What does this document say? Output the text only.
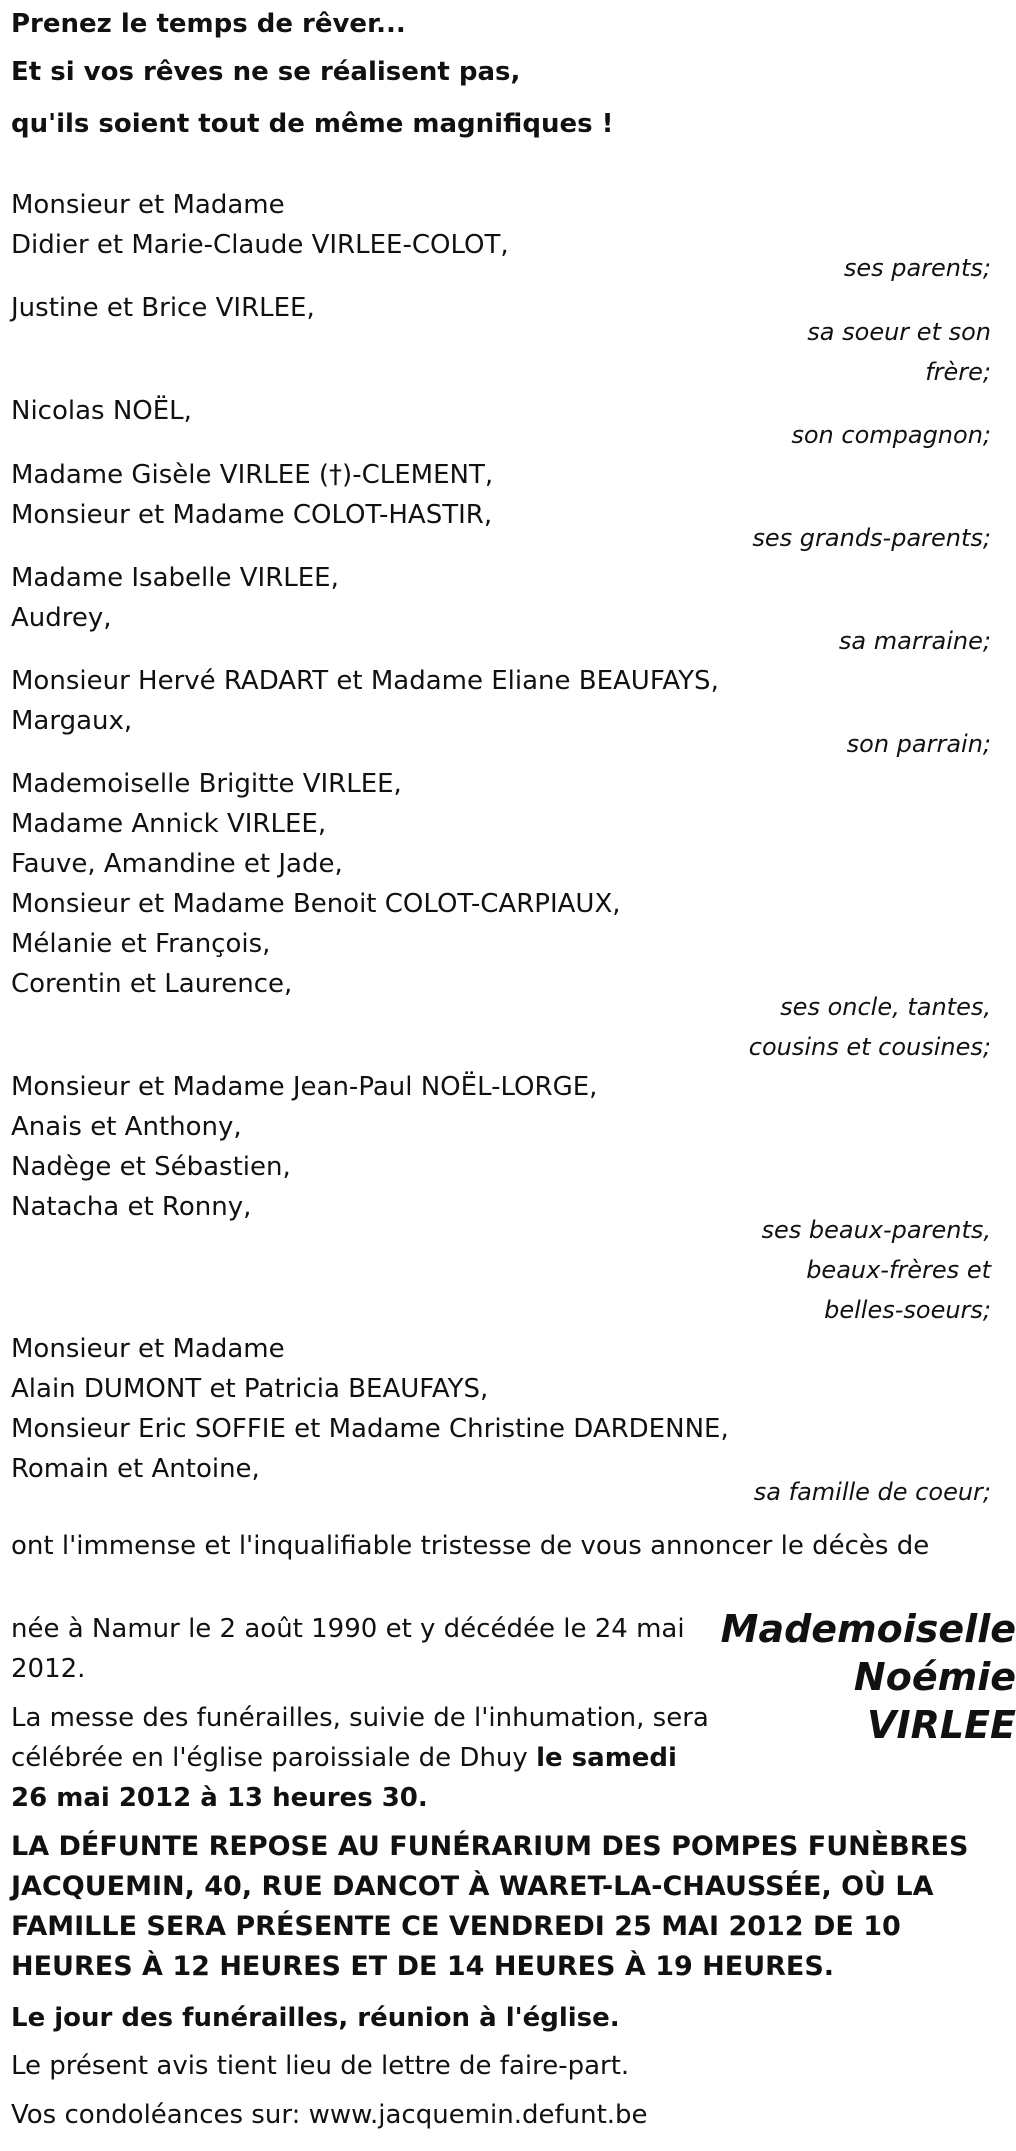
Prenez le temps de rêver...
Et si vos rêves ne se réalisent pas,
qu'ils soient tout de même magnifiques !
Monsieur et Madame
Didier et Marie-Claude VIRLEE-COLOT,
ses parents;
Justine et Brice VIRLEE,
sa soeur et son
frère;
Nicolas NOËL,
son compagnon;
Madame Gisèle VIRLEE (†)-CLEMENT,
Monsieur et Madame COLOT-HASTIR,
ses grands-parents;
Madame Isabelle VIRLEE,
Audrey,
sa marraine;
Monsieur Hervé RADART et Madame Eliane BEAUFAYS,
Margaux,
son parrain;
Mademoiselle Brigitte VIRLEE,
Madame Annick VIRLEE,
Fauve, Amandine et Jade,
Monsieur et Madame Benoit COLOT-CARPIAUX,
Mélanie et François,
Corentin et Laurence,
ses oncle, tantes,
cousins et cousines;
Monsieur et Madame Jean-Paul NOËL-LORGE,
Anais et Anthony,
Nadège et Sébastien,
Natacha et Ronny,
ses beaux-parents,
beaux-frères et
belles-soeurs;
Monsieur et Madame
Alain DUMONT et Patricia BEAUFAYS,
Monsieur Eric SOFFIE et Madame Christine DARDENNE,
Romain et Antoine,
sa famille de coeur;
ont l'immense et l'inqualifiable tristesse de vous annoncer le décès de
Mademoiselle
Noémie
VIRLEE
née à Namur le 2 août 1990 et y décédée le 24 mai 2012.
La messe des funérailles, suivie de l'inhumation, sera célébrée en l'église paroissiale de Dhuy le samedi 26 mai 2012 à 13 heures 30.
LA DÉFUNTE REPOSE AU FUNÉRARIUM DES POMPES FUNÈBRES JACQUEMIN, 40, RUE DANCOT À WARET-LA-CHAUSSÉE, OÙ LA FAMILLE SERA PRÉSENTE CE VENDREDI 25 MAI 2012 DE 10 HEURES À 12 HEURES ET DE 14 HEURES À 19 HEURES.
Le jour des funérailles, réunion à l'église.
Le présent avis tient lieu de lettre de faire-part.
Vos condoléances sur: www.jacquemin.defunt.be
